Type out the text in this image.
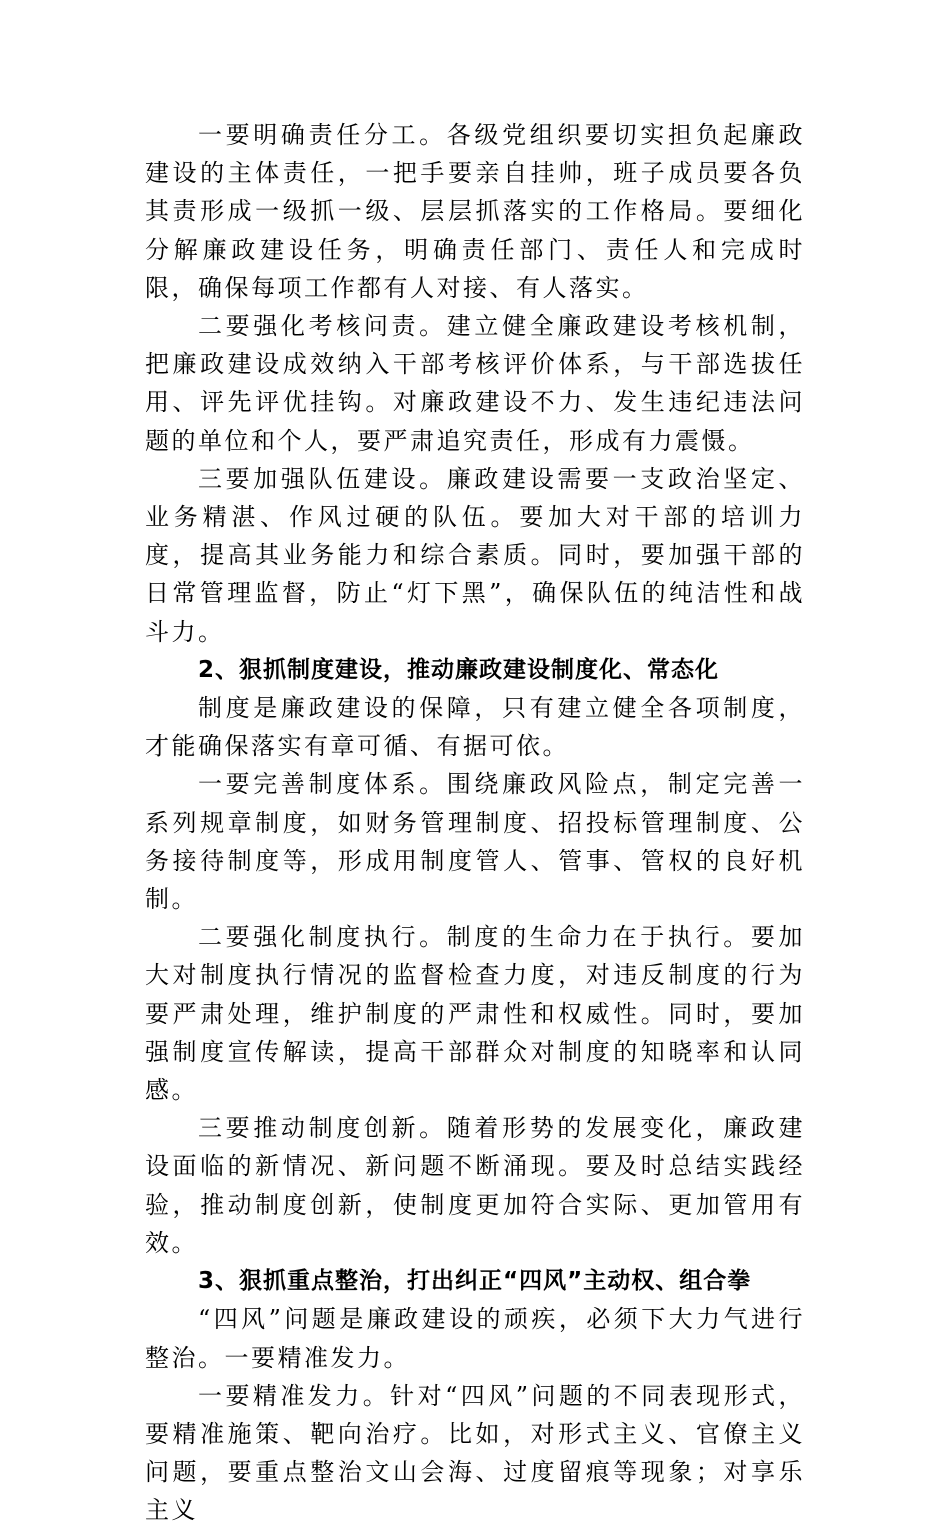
一要明确责任分工。各级党组织要切实担负起廉政建设的主体责任，一把手要亲自挂帅，班子成员要各负其责形成一级抓一级、层层抓落实的工作格局。要细化分解廉政建设任务，明确责任部门、责任人和完成时限，确保每项工作都有人对接、有人落实。

二要强化考核问责。建立健全廉政建设考核机制，把廉政建设成效纳入干部考核评价体系，与干部选拔任用、评先评优挂钩。对廉政建设不力、发生违纪违法问题的单位和个人，要严肃追究责任，形成有力震慑。

三要加强队伍建设。廉政建设需要一支政治坚定、业务精湛、作风过硬的队伍。要加大对干部的培训力度，提高其业务能力和综合素质。同时，要加强干部的日常管理监督，防止“灯下黑”，确保队伍的纯洁性和战斗力。

2、狠抓制度建设，推动廉政建设制度化、常态化

制度是廉政建设的保障，只有建立健全各项制度，才能确保落实有章可循、有据可依。

一要完善制度体系。围绕廉政风险点，制定完善一系列规章制度，如财务管理制度、招投标管理制度、公务接待制度等，形成用制度管人、管事、管权的良好机制。

二要强化制度执行。制度的生命力在于执行。要加大对制度执行情况的监督检查力度，对违反制度的行为要严肃处理，维护制度的严肃性和权威性。同时，要加强制度宣传解读，提高干部群众对制度的知晓率和认同感。

三要推动制度创新。随着形势的发展变化，廉政建设面临的新情况、新问题不断涌现。要及时总结实践经验，推动制度创新，使制度更加符合实际、更加管用有效。

3、狠抓重点整治，打出纠正“四风”主动权、组合拳

“四风”问题是廉政建设的顽疾，必须下大力气进行整治。一要精准发力。

一要精准发力。针对“四风”问题的不同表现形式，要精准施策、靶向治疗。比如，对形式主义、官僚主义问题，要重点整治文山会海、过度留痕等现象；对享乐主义
